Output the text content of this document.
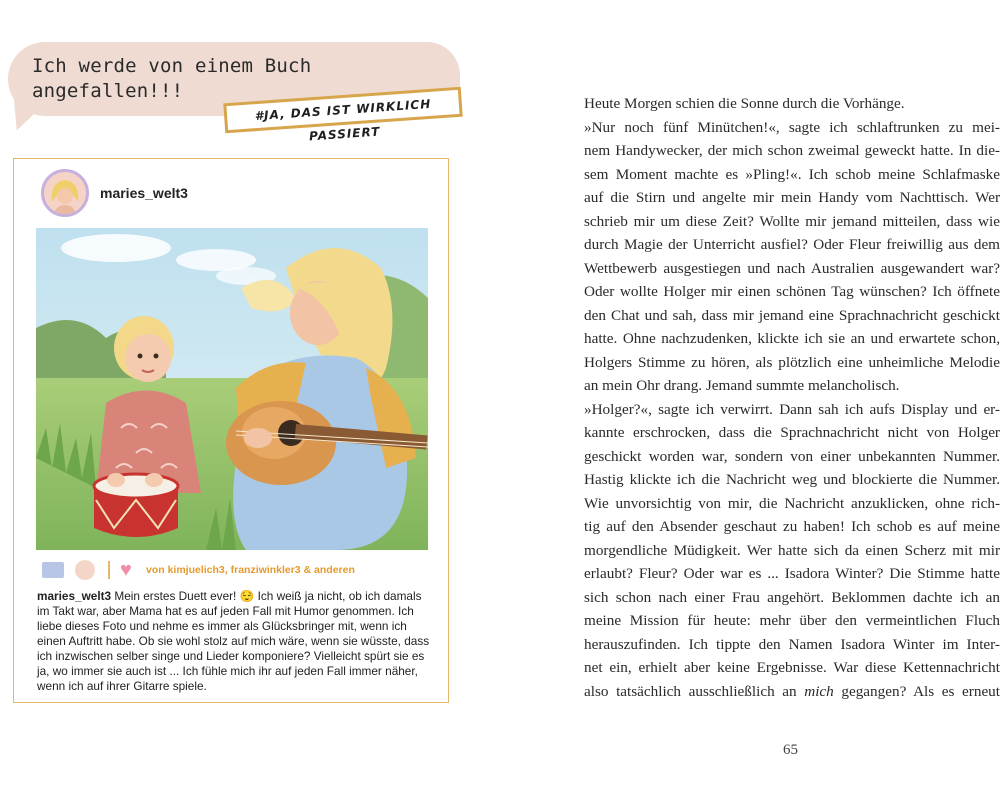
Ich werde von einem Buch angefallen!!!
#JA, DAS IST WIRKLICH PASSIERT
maries_welt3
♥	von kimjuelich3, franziwinkler3 & anderen
maries_welt3 Mein erstes Duett ever! 😌 Ich weiß ja nicht, ob ich damals im Takt war, aber Mama hat es auf jeden Fall mit Humor genommen. Ich liebe dieses Foto und nehme es immer als Glücksbringer mit, wenn ich einen Auftritt habe. Ob sie wohl stolz auf mich wäre, wenn sie wüsste, dass ich inzwischen selber singe und Lieder komponiere? Vielleicht spürt sie es ja, wo immer sie auch ist ... Ich fühle mich ihr auf jeden Fall immer näher, wenn ich auf ihrer Gitarre spiele.
Heute Morgen schien die Sonne durch die Vorhänge.
»Nur noch fünf Minütchen!«, sagte ich schlaftrunken zu mei-
nem Handywecker, der mich schon zweimal geweckt hatte. In die-
sem Moment machte es »Pling!«. Ich schob meine Schlafmaske
auf die Stirn und angelte mir mein Handy vom Nachttisch. Wer
schrieb mir um diese Zeit? Wollte mir jemand mitteilen, dass wie
durch Magie der Unterricht ausfiel? Oder Fleur freiwillig aus dem
Wettbewerb ausgestiegen und nach Australien ausgewandert war?
Oder wollte Holger mir einen schönen Tag wünschen? Ich öffnete
den Chat und sah, dass mir jemand eine Sprachnachricht geschickt
hatte. Ohne nachzudenken, klickte ich sie an und erwartete schon,
Holgers Stimme zu hören, als plötzlich eine unheimliche Melodie
an mein Ohr drang. Jemand summte melancholisch.
»Holger?«, sagte ich verwirrt. Dann sah ich aufs Display und er-
kannte erschrocken, dass die Sprachnachricht nicht von Holger
geschickt worden war, sondern von einer unbekannten Nummer.
Hastig klickte ich die Nachricht weg und blockierte die Nummer.
Wie unvorsichtig von mir, die Nachricht anzuklicken, ohne rich-
tig auf den Absender geschaut zu haben! Ich schob es auf meine
morgendliche Müdigkeit. Wer hatte sich da einen Scherz mit mir
erlaubt? Fleur? Oder war es ... Isadora Winter? Die Stimme hatte
sich schon nach einer Frau angehört. Beklommen dachte ich an
meine Mission für heute: mehr über den vermeintlichen Fluch
herauszufinden. Ich tippte den Namen Isadora Winter im Inter-
net ein, erhielt aber keine Ergebnisse. War diese Kettennachricht
also tatsächlich ausschließlich an mich gegangen? Als es erneut
65
